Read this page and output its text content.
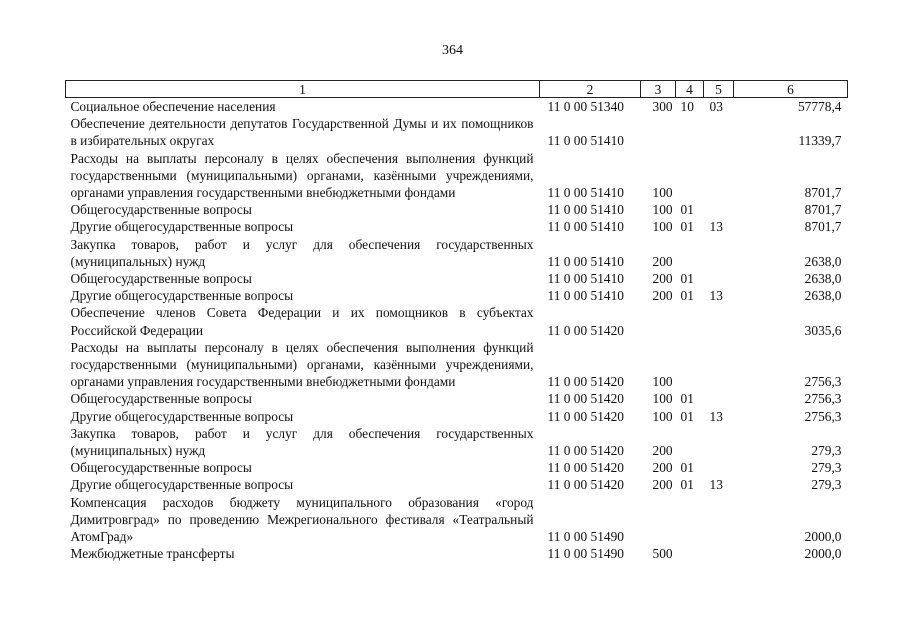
364
1	2	3	4	5	6
Социальное обеспечение населения	11 0 00 51340	300	10	03	57778,4
Обеспечение деятельности депутатов Государственной Думы и их помощников в избирательных округах	11 0 00 51410				11339,7
Расходы на выплаты персоналу в целях обеспечения выполнения функций государственными (муниципальными) органами, казёнными учреждениями, органами управления государственными внебюджетными фондами	11 0 00 51410	100			8701,7
Общегосударственные вопросы	11 0 00 51410	100	01		8701,7
Другие общегосударственные вопросы	11 0 00 51410	100	01	13	8701,7
Закупка товаров, работ и услуг для обеспечения государственных (муниципальных) нужд	11 0 00 51410	200			2638,0
Общегосударственные вопросы	11 0 00 51410	200	01		2638,0
Другие общегосударственные вопросы	11 0 00 51410	200	01	13	2638,0
Обеспечение членов Совета Федерации и их помощников в субъектах Российской Федерации	11 0 00 51420				3035,6
Расходы на выплаты персоналу в целях обеспечения выполнения функций государственными (муниципальными) органами, казёнными учреждениями, органами управления государственными внебюджетными фондами	11 0 00 51420	100			2756,3
Общегосударственные вопросы	11 0 00 51420	100	01		2756,3
Другие общегосударственные вопросы	11 0 00 51420	100	01	13	2756,3
Закупка товаров, работ и услуг для обеспечения государственных (муниципальных) нужд	11 0 00 51420	200			279,3
Общегосударственные вопросы	11 0 00 51420	200	01		279,3
Другие общегосударственные вопросы	11 0 00 51420	200	01	13	279,3
Компенсация расходов бюджету муниципального образования «город Димитровград» по проведению Межрегионального фестиваля «Театральный АтомГрад»	11 0 00 51490				2000,0
Межбюджетные трансферты	11 0 00 51490	500			2000,0
